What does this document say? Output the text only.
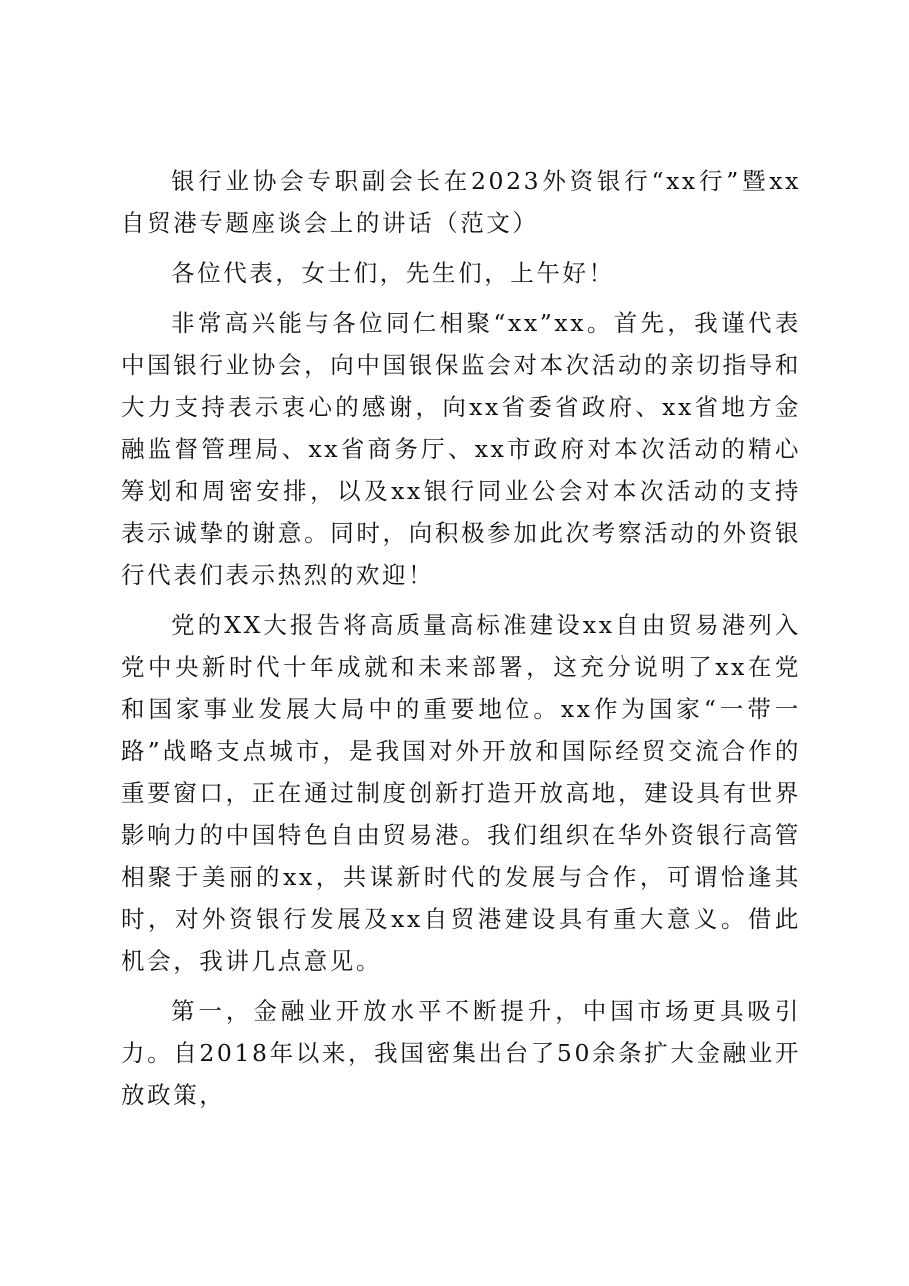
银行业协会专职副会长在2023外资银行“xx行”暨xx自贸港专题座谈会上的讲话（范文）

各位代表，女士们，先生们，上午好！

非常高兴能与各位同仁相聚“xx”xx。首先，我谨代表中国银行业协会，向中国银保监会对本次活动的亲切指导和大力支持表示衷心的感谢，向xx省委省政府、xx省地方金融监督管理局、xx省商务厅、xx市政府对本次活动的精心筹划和周密安排，以及xx银行同业公会对本次活动的支持表示诚挚的谢意。同时，向积极参加此次考察活动的外资银行代表们表示热烈的欢迎！

党的XX大报告将高质量高标准建设xx自由贸易港列入党中央新时代十年成就和未来部署，这充分说明了xx在党和国家事业发展大局中的重要地位。xx作为国家“一带一路”战略支点城市，是我国对外开放和国际经贸交流合作的重要窗口，正在通过制度创新打造开放高地，建设具有世界影响力的中国特色自由贸易港。我们组织在华外资银行高管相聚于美丽的xx，共谋新时代的发展与合作，可谓恰逢其时，对外资银行发展及xx自贸港建设具有重大意义。借此机会，我讲几点意见。

第一，金融业开放水平不断提升，中国市场更具吸引力。自2018年以来，我国密集出台了50余条扩大金融业开放政策，
